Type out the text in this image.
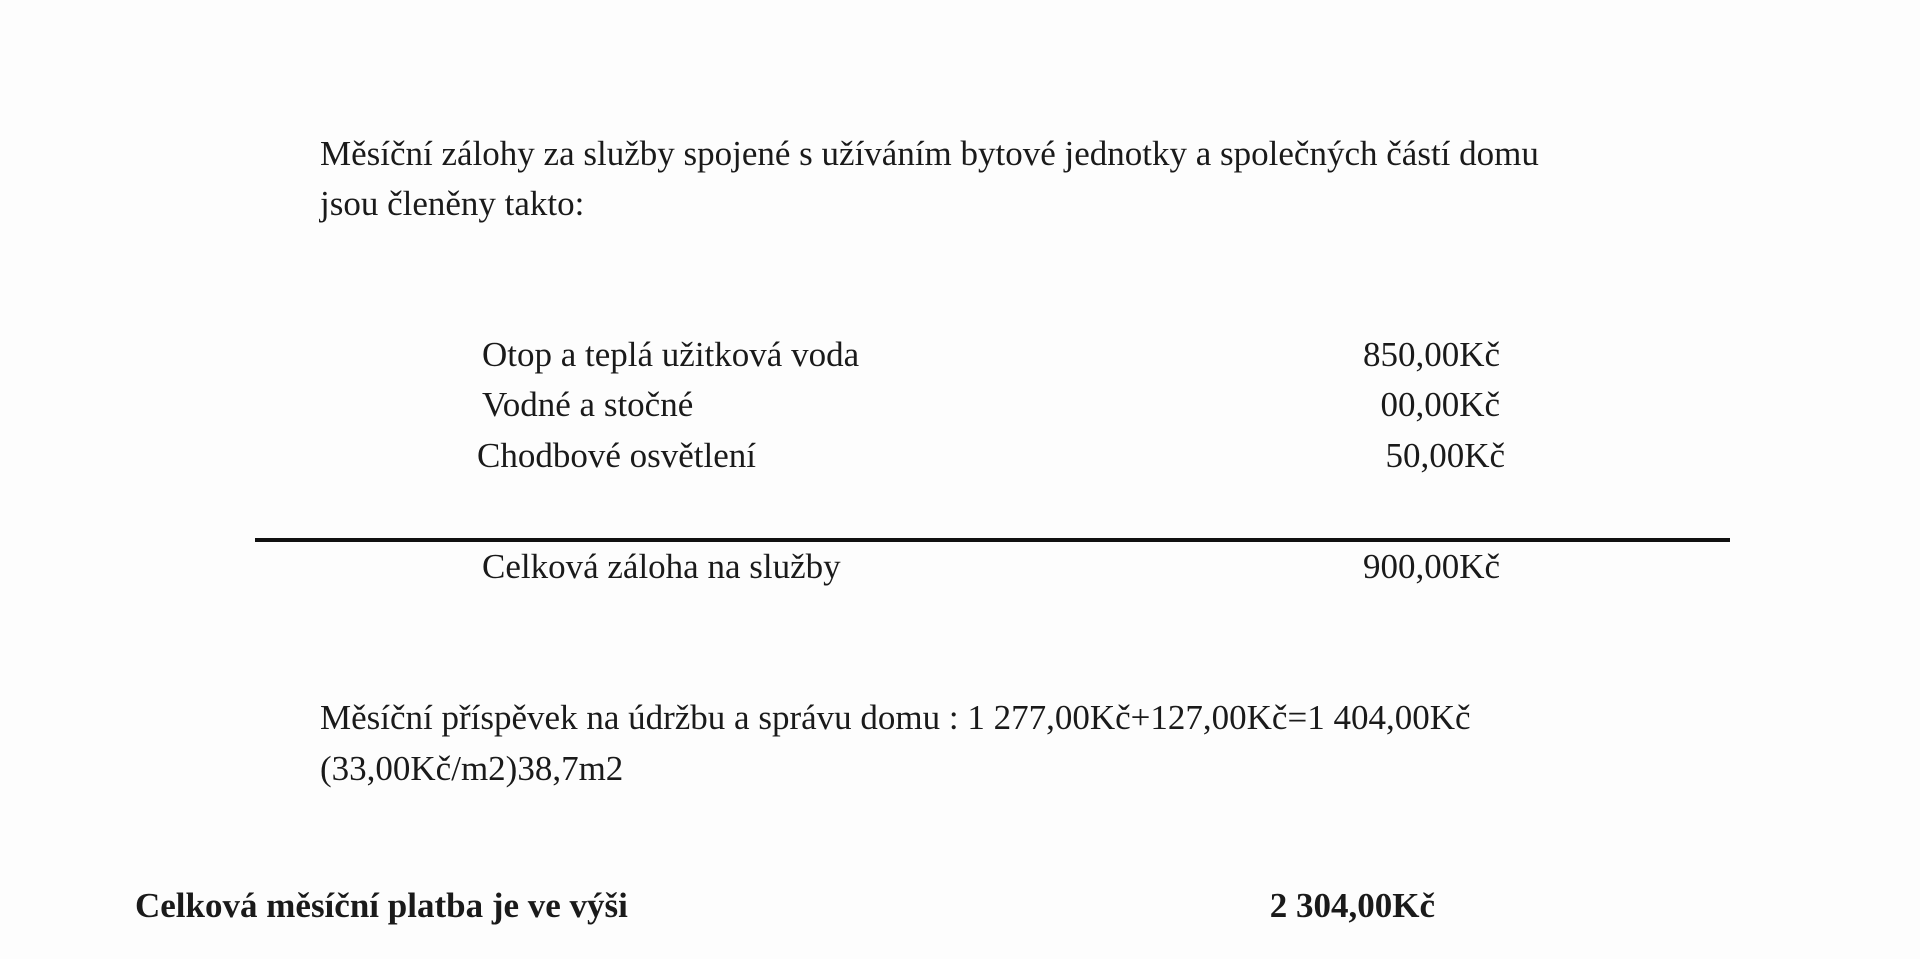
Měsíční zálohy za služby spojené s užíváním bytové jednotky a společných částí domu
jsou členěny takto:
Otop a teplá užitková voda	850,00Kč
Vodné a stočné	00,00Kč
Chodbové osvětlení	50,00Kč
Celková záloha na služby	900,00Kč
Měsíční příspěvek na údržbu a správu domu : 1 277,00Kč+127,00Kč=1 404,00Kč
(33,00Kč/m2)38,7m2
Celková měsíční platba je ve výši	2 304,00Kč
